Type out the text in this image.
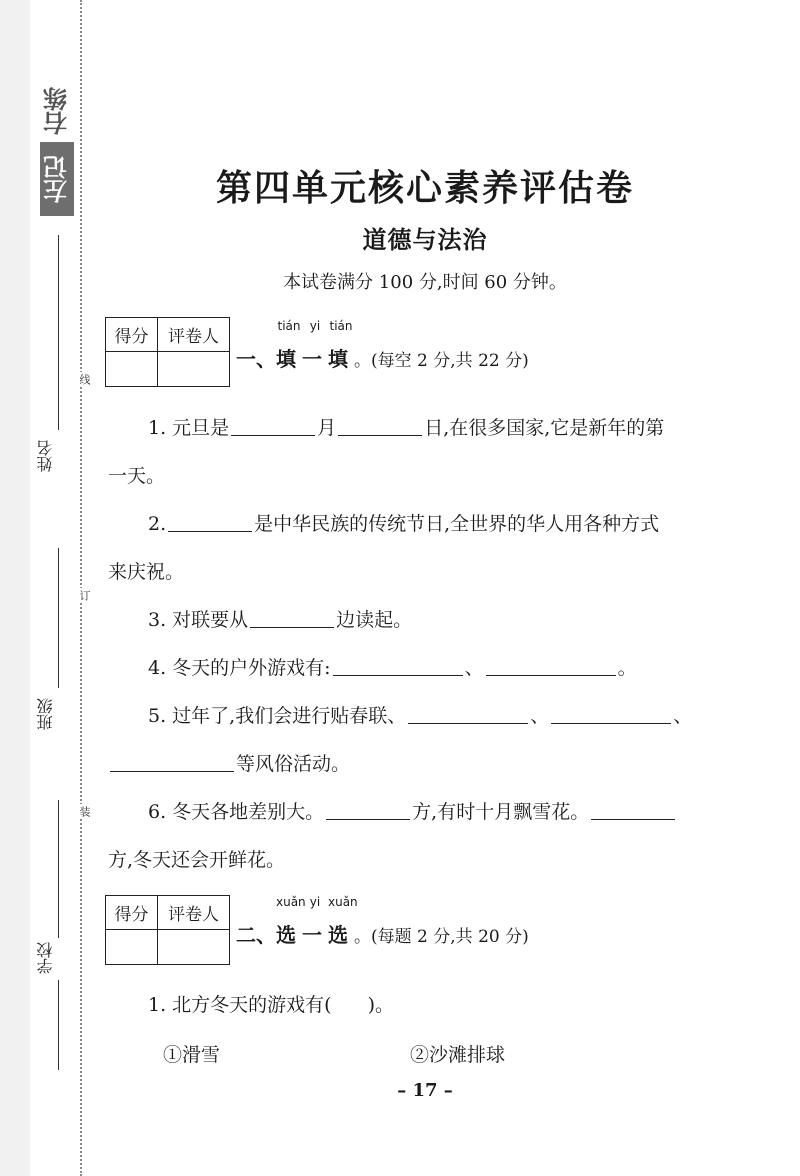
右练
左记
姓名
班级
学校
线
订
装
第四单元核心素养评估卷
道德与法治
本试卷满分 100 分,时间 60 分钟。
得分	评卷人
一、
tián
填
yi
一
tián
填。(每空 2 分,共 22 分)
1. 元旦是	月	日,在很多国家,它是新年的第
一天。
2.	是中华民族的传统节日,全世界的华人用各种方式
来庆祝。
3. 对联要从	边读起。
4. 冬天的户外游戏有:	、	。
5. 过年了,我们会进行贴春联、	、	、
等风俗活动。
6. 冬天各地差别大。	方,有时十月飘雪花。
方,冬天还会开鲜花。
得分	评卷人
二、
xuǎn
选
yi
一
xuǎn
选。(每题 2 分,共 20 分)
1. 北方冬天的游戏有( )。
①滑雪	②沙滩排球
– 17 –
